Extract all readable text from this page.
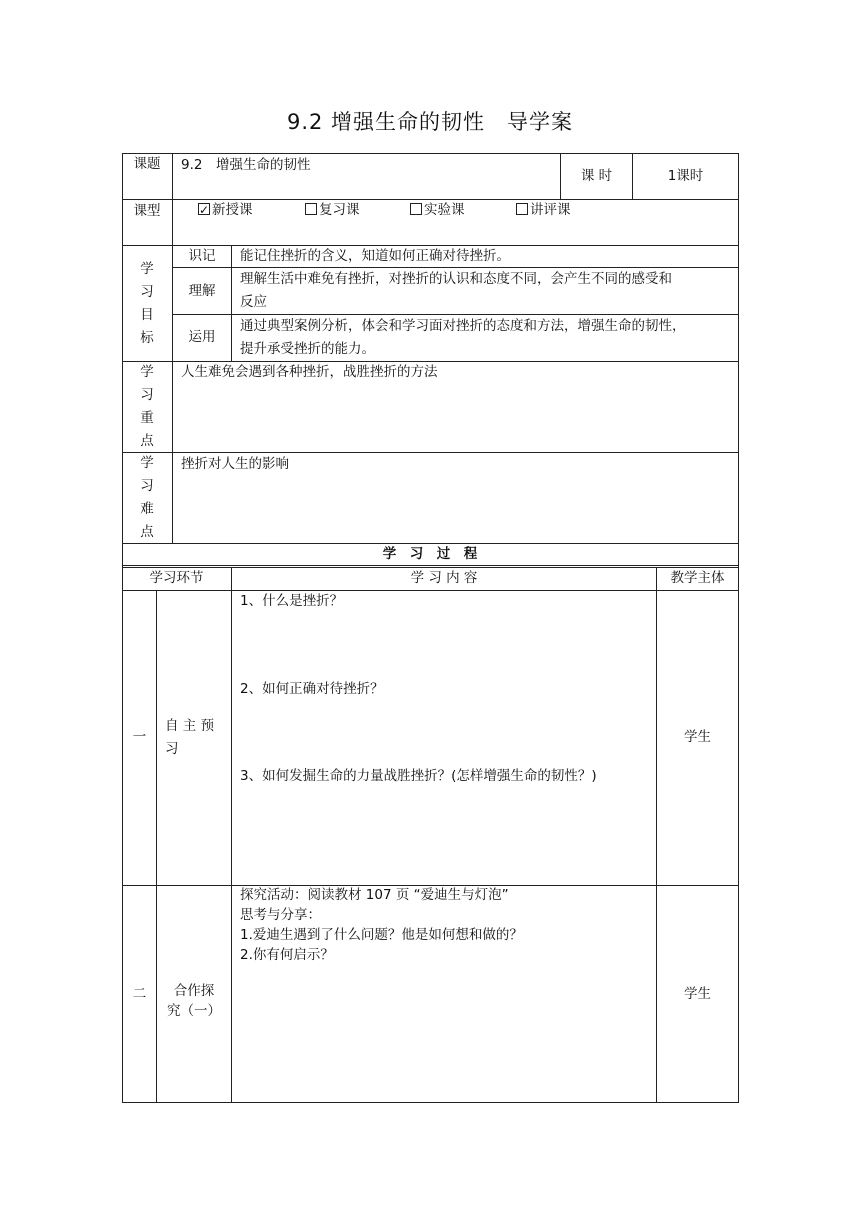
9.2 增强生命的韧性　导学案
课题	9.2　增强生命的韧性
课 时	1课时
课型
✓	新授课	复习课	实验课	讲评课
学习目标
识记	能记住挫折的含义，知道如何正确对待挫折。
理解
理解生活中难免有挫折，对挫折的认识和态度不同，会产生不同的感受和
反应
运用
通过典型案例分析，体会和学习面对挫折的态度和方法，增强生命的韧性，
提升承受挫折的能力。
学习重点
人生难免会遇到各种挫折，战胜挫折的方法
学习难点
挫折对人生的影响
学　习　过　程
学习环节	学 习 内 容	教学主体
一
自 主 预
习
1、什么是挫折？
2、如何正确对待挫折？
3、如何发掘生命的力量战胜挫折？(怎样增强生命的韧性？)
学生
二	合作探
究（一）
探究活动：阅读教材 107 页 “爱迪生与灯泡”
思考与分享：
1.爱迪生遇到了什么问题？他是如何想和做的？
2.你有何启示？
学生
